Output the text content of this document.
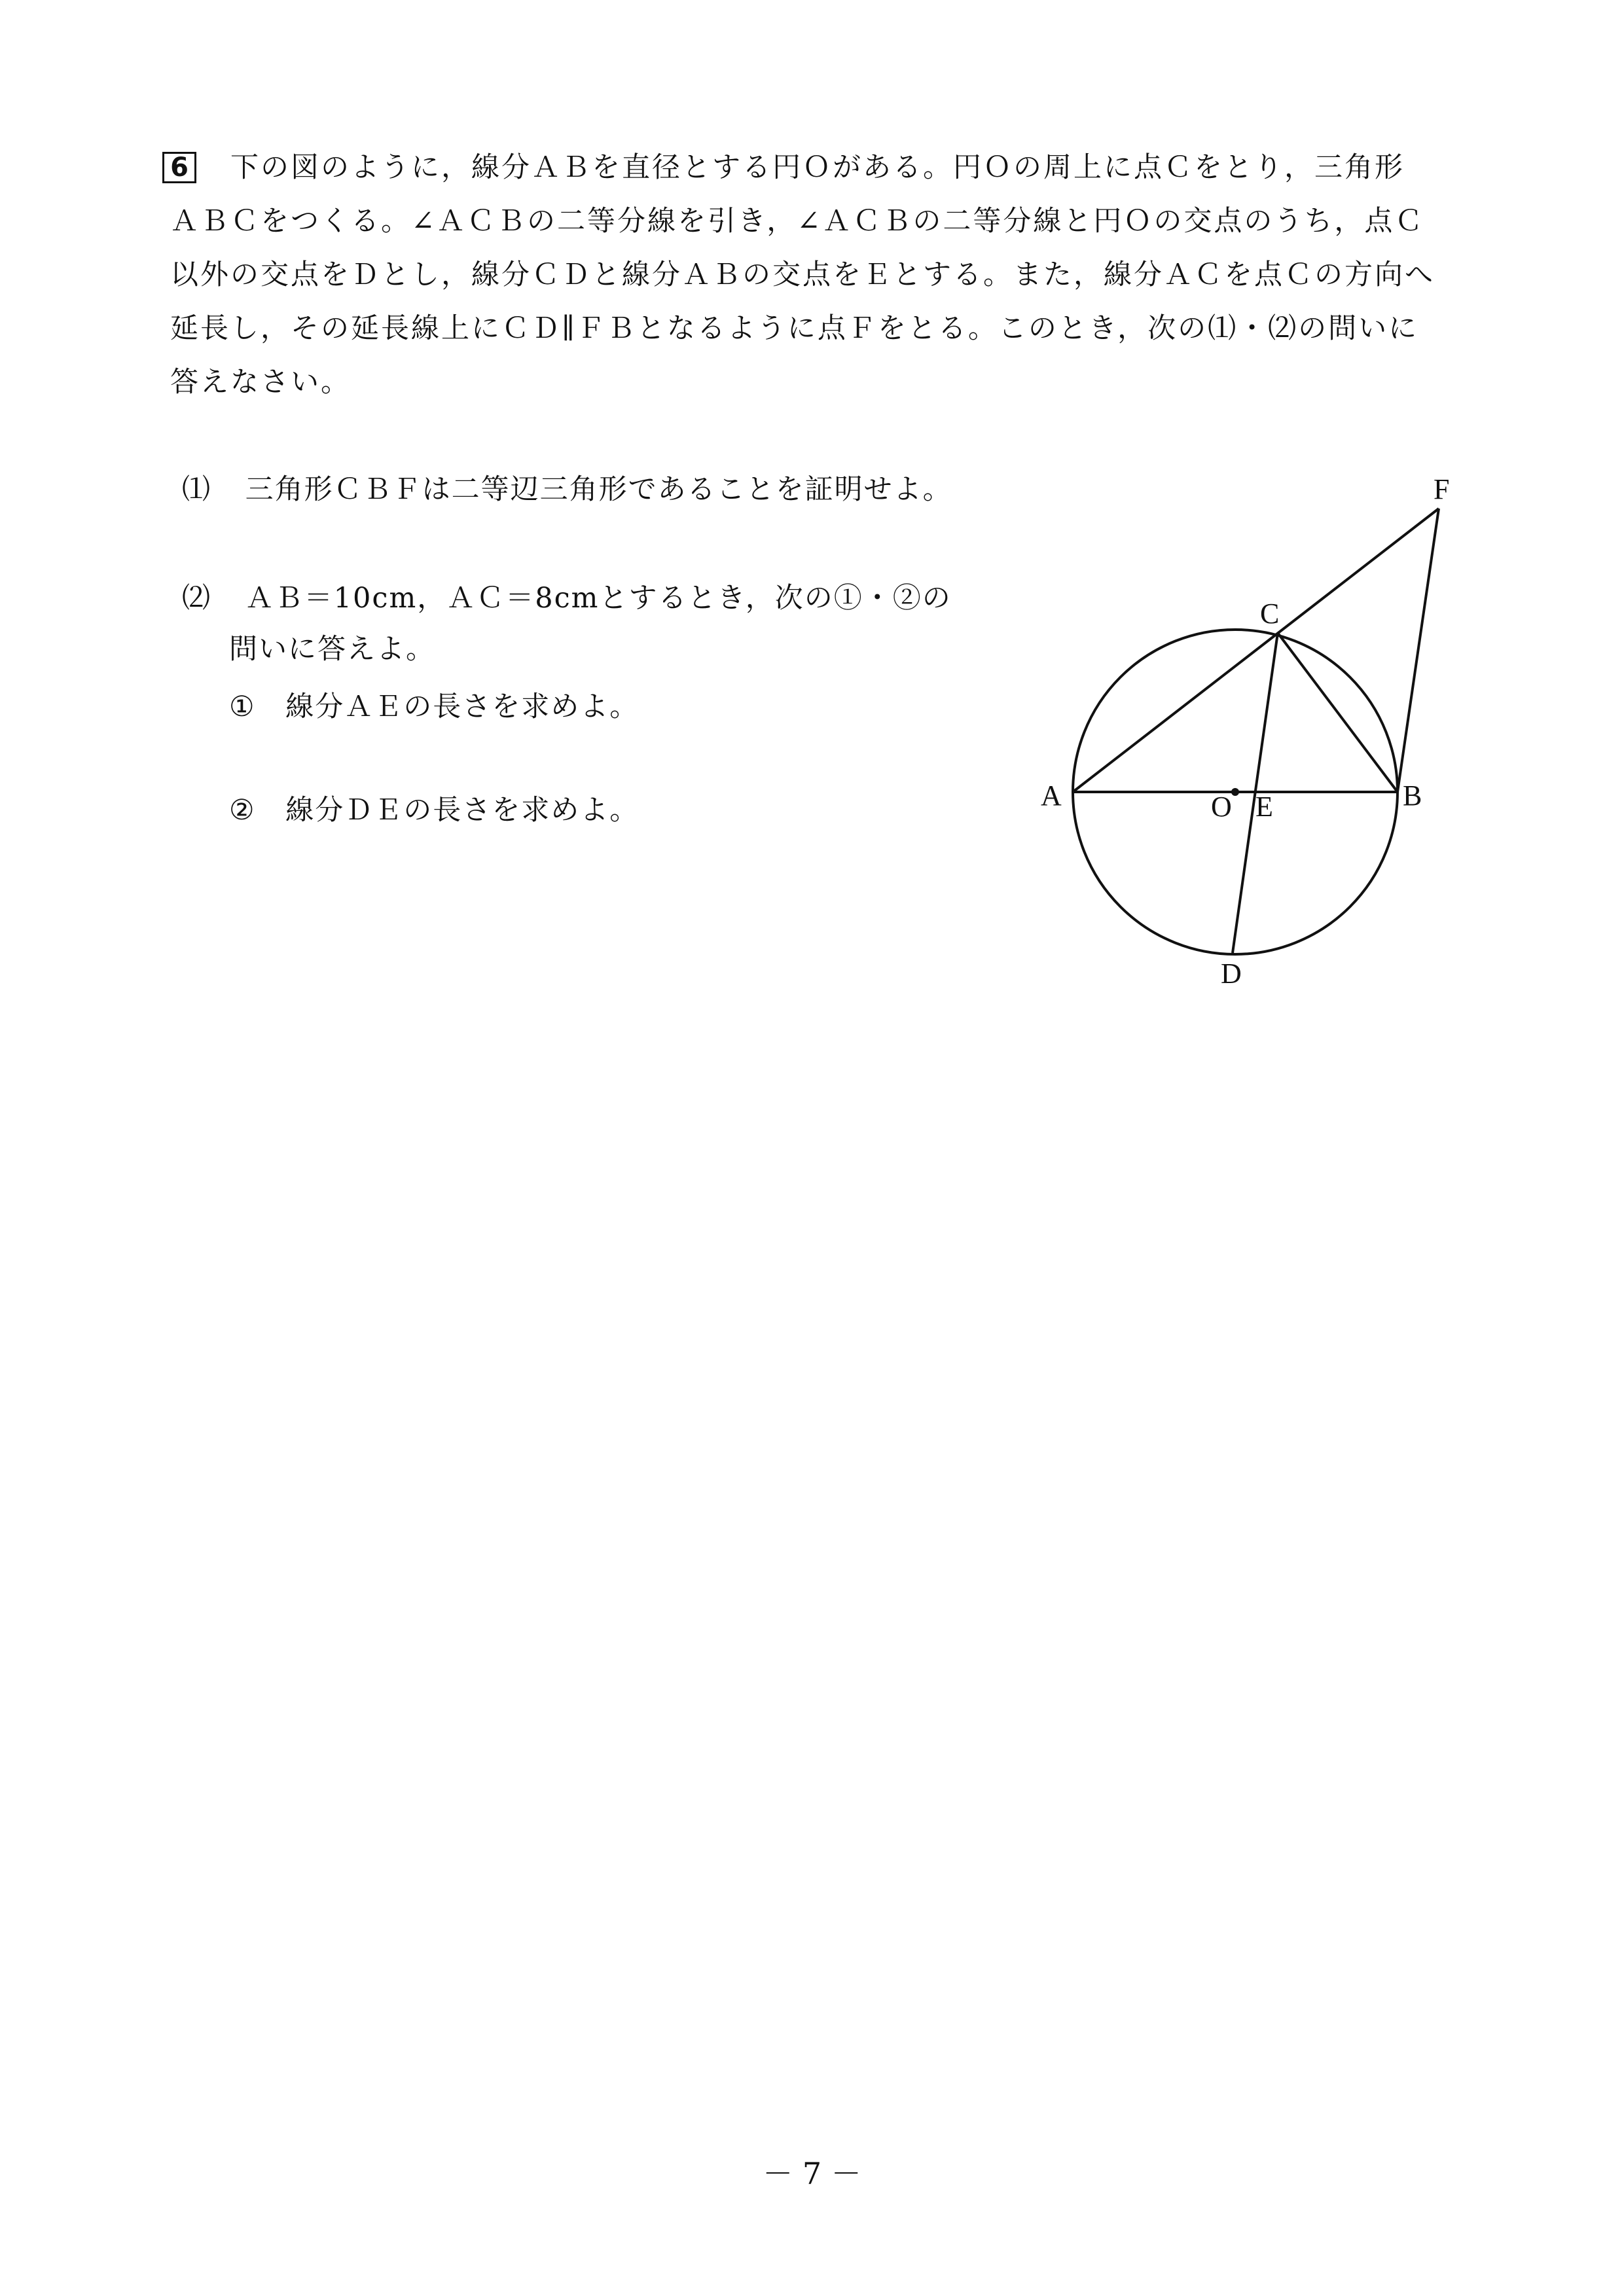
6 下の図のように，線分ＡＢを直径とする円Ｏがある。円Ｏの周上に点Ｃをとり，三角形
ＡＢＣをつくる。∠ＡＣＢの二等分線を引き，∠ＡＣＢの二等分線と円Ｏの交点のうち，点Ｃ
以外の交点をＤとし，線分ＣＤと線分ＡＢの交点をＥとする。また，線分ＡＣを点Ｃの方向へ
延長し，その延長線上にＣＤ∥ＦＢとなるように点Ｆをとる。このとき，次の⑴・⑵の問いに
答えなさい。
⑴ 三角形ＣＢＦは二等辺三角形であることを証明せよ。
⑵ ＡＢ＝10cm，ＡＣ＝8cmとするとき，次の①・②の
問いに答えよ。
① 線分ＡＥの長さを求めよ。
② 線分ＤＥの長さを求めよ。	A	B
C
D
E
F
O
－ 7 －
